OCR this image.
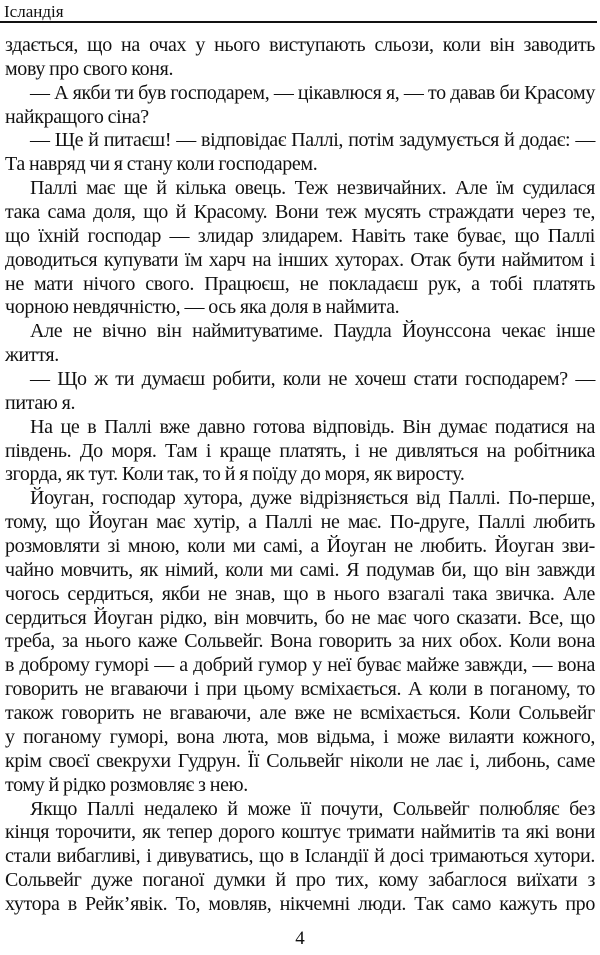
Ісландія
здається, що на очах у нього виступають сльози, коли він заводить
мову про свого коня.
— А якби ти був господарем, — цікавлюся я, — то давав би Красому
найкращого сіна?
— Ще й питаєш! — відповідає Паллі, потім задумується й додає: —
Та навряд чи я стану коли господарем.
Паллі має ще й кілька овець. Теж незвичайних. Але їм судилася
така сама доля, що й Красому. Вони теж мусять страждати через те,
що їхній господар — злидар злидарем. Навіть таке буває, що Паллі
доводиться купувати їм харч на інших хуторах. Отак бути наймитом і
не мати нічого свого. Працюєш, не покладаєш рук, а тобі платять
чорною невдячністю, — ось яка доля в наймита.
Але не вічно він наймитуватиме. Паудла Йоунссона чекає інше
життя.
— Що ж ти думаєш робити, коли не хочеш стати господарем? —
питаю я.
На це в Паллі вже давно готова відповідь. Він думає податися на
південь. До моря. Там і краще платять, і не дивляться на робітника
згорда, як тут. Коли так, то й я поїду до моря, як виросту.
Йоуган, господар хутора, дуже відрізняється від Паллі. По-перше,
тому, що Йоуган має хутір, а Паллі не має. По-друге, Паллі любить
розмовляти зі мною, коли ми самі, а Йоуган не любить. Йоуган зви-
чайно мовчить, як німий, коли ми самі. Я подумав би, що він завжди
чогось сердиться, якби не знав, що в нього взагалі така звичка. Але
сердиться Йоуган рідко, він мовчить, бо не має чого сказати. Все, що
треба, за нього каже Сольвейг. Вона говорить за них обох. Коли вона
в доброму гуморі — а добрий гумор у неї буває майже завжди, — вона
говорить не вгаваючи і при цьому всміхається. А коли в поганому, то
також говорить не вгаваючи, але вже не всміхається. Коли Сольвейг
у поганому гуморі, вона люта, мов відьма, і може вилаяти кожного,
крім своєї свекрухи Гудрун. Її Сольвейг ніколи не лає і, либонь, саме
тому й рідко розмовляє з нею.
Якщо Паллі недалеко й може її почути, Сольвейг полюбляє без
кінця торочити, як тепер дорого коштує тримати наймитів та які вони
стали вибагливі, і дивуватись, що в Ісландії й досі тримаються хутори.
Сольвейг дуже поганої думки й про тих, кому забаглося виїхати з
хутора в Рейк’явік. То, мовляв, нікчемні люди. Так само кажуть про
4
